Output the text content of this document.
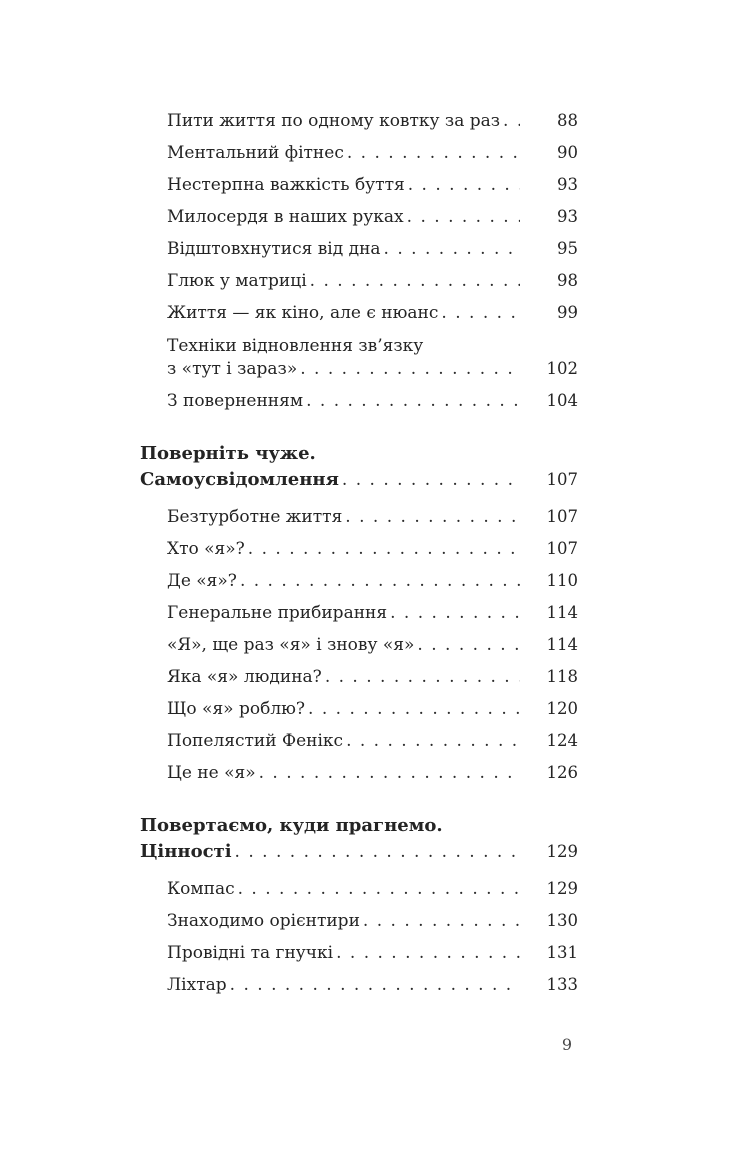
Пити життя по одному ковтку за раз . . .	88
Ментальний фітнес . . .	90
Нестерпна важкість буття . . .	93
Милосердя в наших руках . . .	93
Відштовхнутися від дна . . .	95
Глюк у матриці . . .	98
Життя — як кіно, але є нюанс . . .	99
Техніки відновлення зв’язку
з «тут і зараз» . . .	102
З поверненням . . .	104
Поверніть чуже.
Самоусвідомлення . . .	107
Безтурботне життя . . .	107
Хто «я»? . . .	107
Де «я»? . . .	110
Генеральне прибирання . . .	114
«Я», ще раз «я» і знову «я» . . .	114
Яка «я» людина? . . .	118
Що «я» роблю? . . .	120
Попелястий Фенікс . . .	124
Це не «я» . . .	126
Повертаємо, куди прагнемо.
Цінності . . .	129
Компас . . .	129
Знаходимо орієнтири . . .	130
Провідні та гнучкі . . .	131
Ліхтар . . .	133
9
